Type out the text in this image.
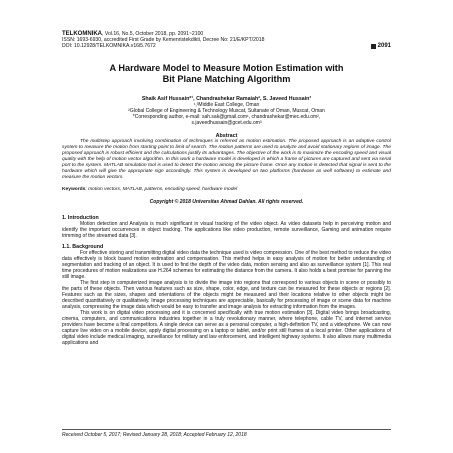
TELKOMNIKA, Vol.16, No.5, October 2018, pp. 2091~2100
ISSN: 1693-6930, accredited First Grade by Kemenristekdikti, Decree No: 21/E/KPT/2018
DOI: 10.12928/TELKOMNIKA.v16i5.7672	2091
A Hardware Model to Measure Motion Estimation with
Bit Plane Matching Algorithm
Shaik Asif Hussain*¹, Chandrashekar Ramaiah², S. Javeed Hussain³
¹,³Middle East College, Oman
²Global College of Engineering & Technology Muscat, Sultanate of Oman, Muscat, Oman
*Corresponding author, e-mail: sah.sak@gmail.com¹, chandrashekar@mec.edu.om²,
s.javeedhussain@gcet.edu.om³
Abstract

The multistep approach involving combination of techniques is referred as motion estimation. The proposed approach is an adaptive control system to measure the motion from starting point to limit of search. The motion patterns are used to analyze and avoid stationary regions of image. The proposed approach is robust efficient and the calculations justify its advantages. The objective of the work is to maximize the encoding speed and visual quality with the help of motion vector algorithm. In this work a hardware model is developed in which a frame of pictures are captured and sent via serial port to the system. MATLAB simulation tool is used to detect the motion among the picture frame. Once any motion is detected that signal is sent to the hardware which will give the appropriate sign accordingly. This system is developed on two platforms (hardware as well software) to estimate and measure the motion vectors.

Keywords: motion vectors, MATLAB, patterns, encoding speed, hardware model
Copyright © 2018 Universitas Ahmad Dahlan. All rights reserved.
1. Introduction

Motion detection and Analysis is much significant in visual tracking of the video object. As video datasets help in perceiving motion and identify the important occurrences in object tracking. The applications like video production, remote surveillance, Gaming and animation require trimming of the streamed data [3].

1.1. Background

For effective storing and transmitting digital video data the technique used is video compression. One of the best method to reduce the video data effectively is block based motion estimation and compensation. This method helps in easy analysis of motion for better understanding of segmentation and tracking of an object. It is used to find the depth of the video data, motion sensing and also as surveillance system [1]. This real time procedures of motion realizations use H.264 schemes for estimating the distance from the camera. It also holds a best promise for panning the still image.

The first step in computerized image analysis is to divide the image into regions that correspond to various objects in scene or possibly to the parts of these objects. Then various features such as size, shape, color, edge, and texture can be measured for these objects or regions [2]. Features such as the sizes, shapes and orientations of the objects might be measured and their locations relative to other objects might be described quantitatively or qualitatively. Image processing techniques are appreciable, basically for processing of image or scene data for machine analysis, compressing the image data which would be easy to transfer and image analysis for extracting information from the images.

This work is on digital video processing and it is concerned specifically with true motion estimation [3]. Digital video brings broadcasting, cinema, computers, and communications industries together in a truly revolutionary manner, where telephone, cable TV, and internet service providers have become a final competitors. A single device can serve as a personal computer, a high-definition TV, and a videophone. We can now capture live video on a mobile device, apply digital processing on a laptop or tablet, and/or print still frames at a local printer. Other applications of digital video include medical imaging, surveillance for military and law enforcement, and intelligent highway systems. It also allows many multimedia applications and

Received October 5, 2017; Revised January 28, 2018; Accepted February 12, 2018
